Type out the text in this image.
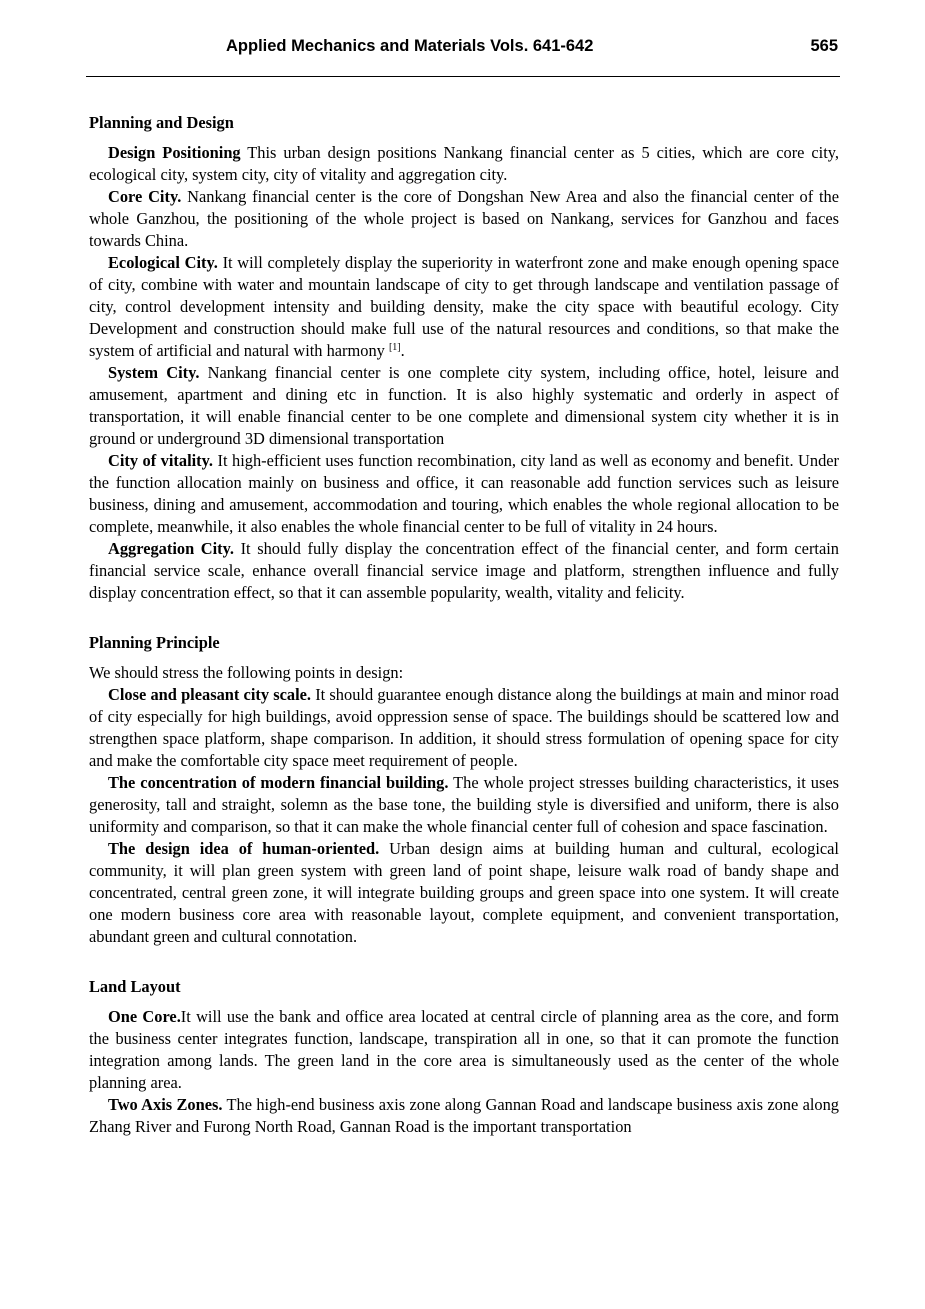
Applied Mechanics and Materials Vols. 641-642	565
Planning and Design

Design Positioning This urban design positions Nankang financial center as 5 cities, which are core city, ecological city, system city, city of vitality and aggregation city.

Core City. Nankang financial center is the core of Dongshan New Area and also the financial center of the whole Ganzhou, the positioning of the whole project is based on Nankang, services for Ganzhou and faces towards China.

Ecological City. It will completely display the superiority in waterfront zone and make enough opening space of city, combine with water and mountain landscape of city to get through landscape and ventilation passage of city, control development intensity and building density, make the city space with beautiful ecology. City Development and construction should make full use of the natural resources and conditions, so that make the system of artificial and natural with harmony [1].

System City. Nankang financial center is one complete city system, including office, hotel, leisure and amusement, apartment and dining etc in function. It is also highly systematic and orderly in aspect of transportation, it will enable financial center to be one complete and dimensional system city whether it is in ground or underground 3D dimensional transportation

City of vitality. It high-efficient uses function recombination, city land as well as economy and benefit. Under the function allocation mainly on business and office, it can reasonable add function services such as leisure business, dining and amusement, accommodation and touring, which enables the whole regional allocation to be complete, meanwhile, it also enables the whole financial center to be full of vitality in 24 hours.

Aggregation City. It should fully display the concentration effect of the financial center, and form certain financial service scale, enhance overall financial service image and platform, strengthen influence and fully display concentration effect, so that it can assemble popularity, wealth, vitality and felicity.

Planning Principle

We should stress the following points in design:

Close and pleasant city scale. It should guarantee enough distance along the buildings at main and minor road of city especially for high buildings, avoid oppression sense of space. The buildings should be scattered low and strengthen space platform, shape comparison. In addition, it should stress formulation of opening space for city and make the comfortable city space meet requirement of people.

The concentration of modern financial building. The whole project stresses building characteristics, it uses generosity, tall and straight, solemn as the base tone, the building style is diversified and uniform, there is also uniformity and comparison, so that it can make the whole financial center full of cohesion and space fascination.

The design idea of human-oriented. Urban design aims at building human and cultural, ecological community, it will plan green system with green land of point shape, leisure walk road of bandy shape and concentrated, central green zone, it will integrate building groups and green space into one system. It will create one modern business core area with reasonable layout, complete equipment, and convenient transportation, abundant green and cultural connotation.

Land Layout

One Core.It will use the bank and office area located at central circle of planning area as the core, and form the business center integrates function, landscape, transpiration all in one, so that it can promote the function integration among lands. The green land in the core area is simultaneously used as the center of the whole planning area.

Two Axis Zones. The high-end business axis zone along Gannan Road and landscape business axis zone along Zhang River and Furong North Road, Gannan Road is the important transportation
